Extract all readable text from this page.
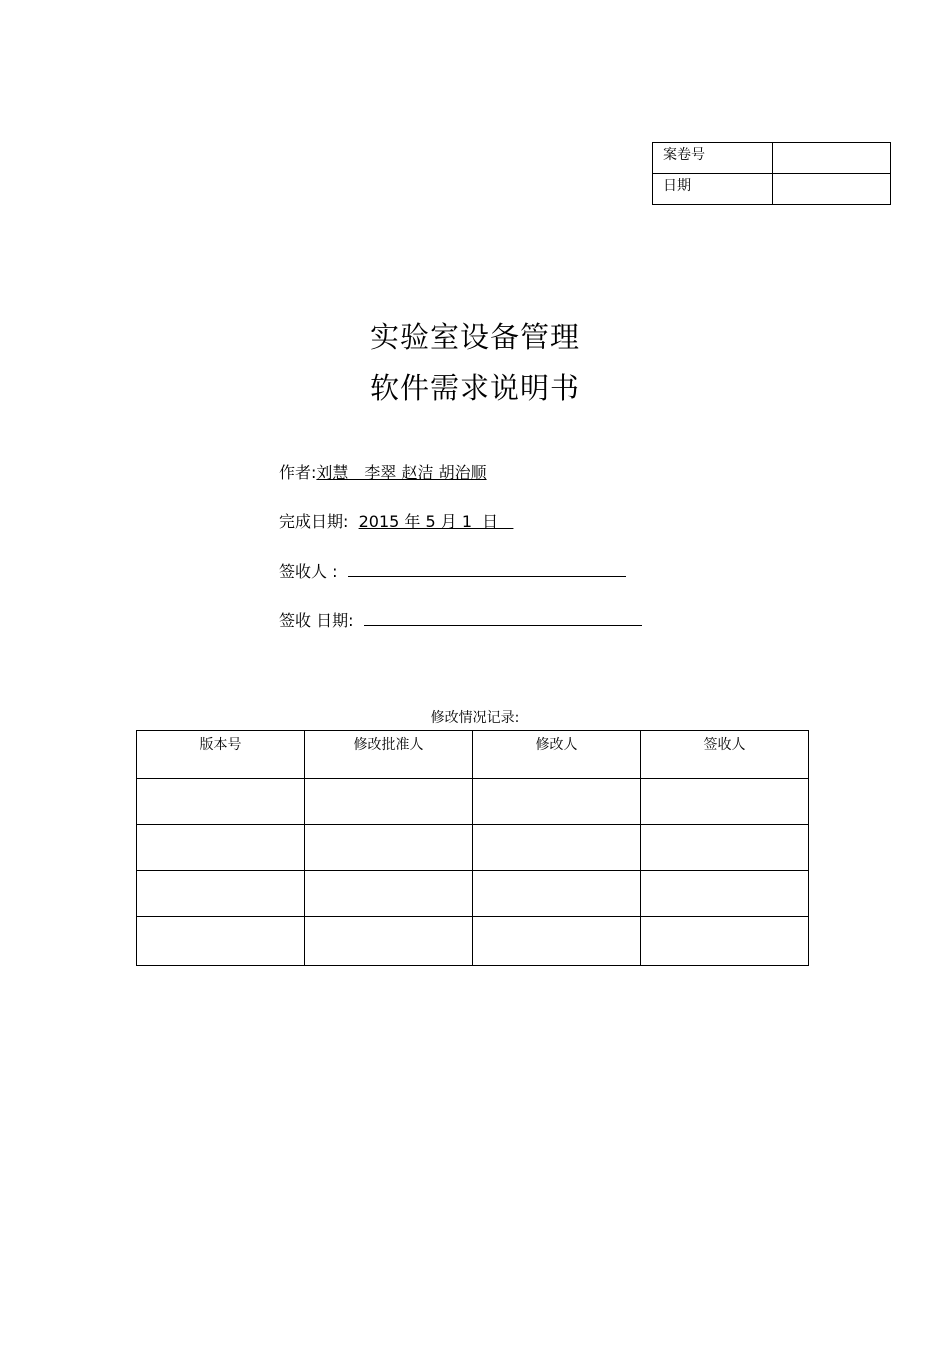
案卷号	
日期	
实验室设备管理
软件需求说明书
作者:刘慧　李翠 赵洁 胡治顺
完成日期: 2015 年 5 月 1  日
签收人 :
签收 日期:
修改情况记录:
版本号	修改批准人	修改人	签收人
